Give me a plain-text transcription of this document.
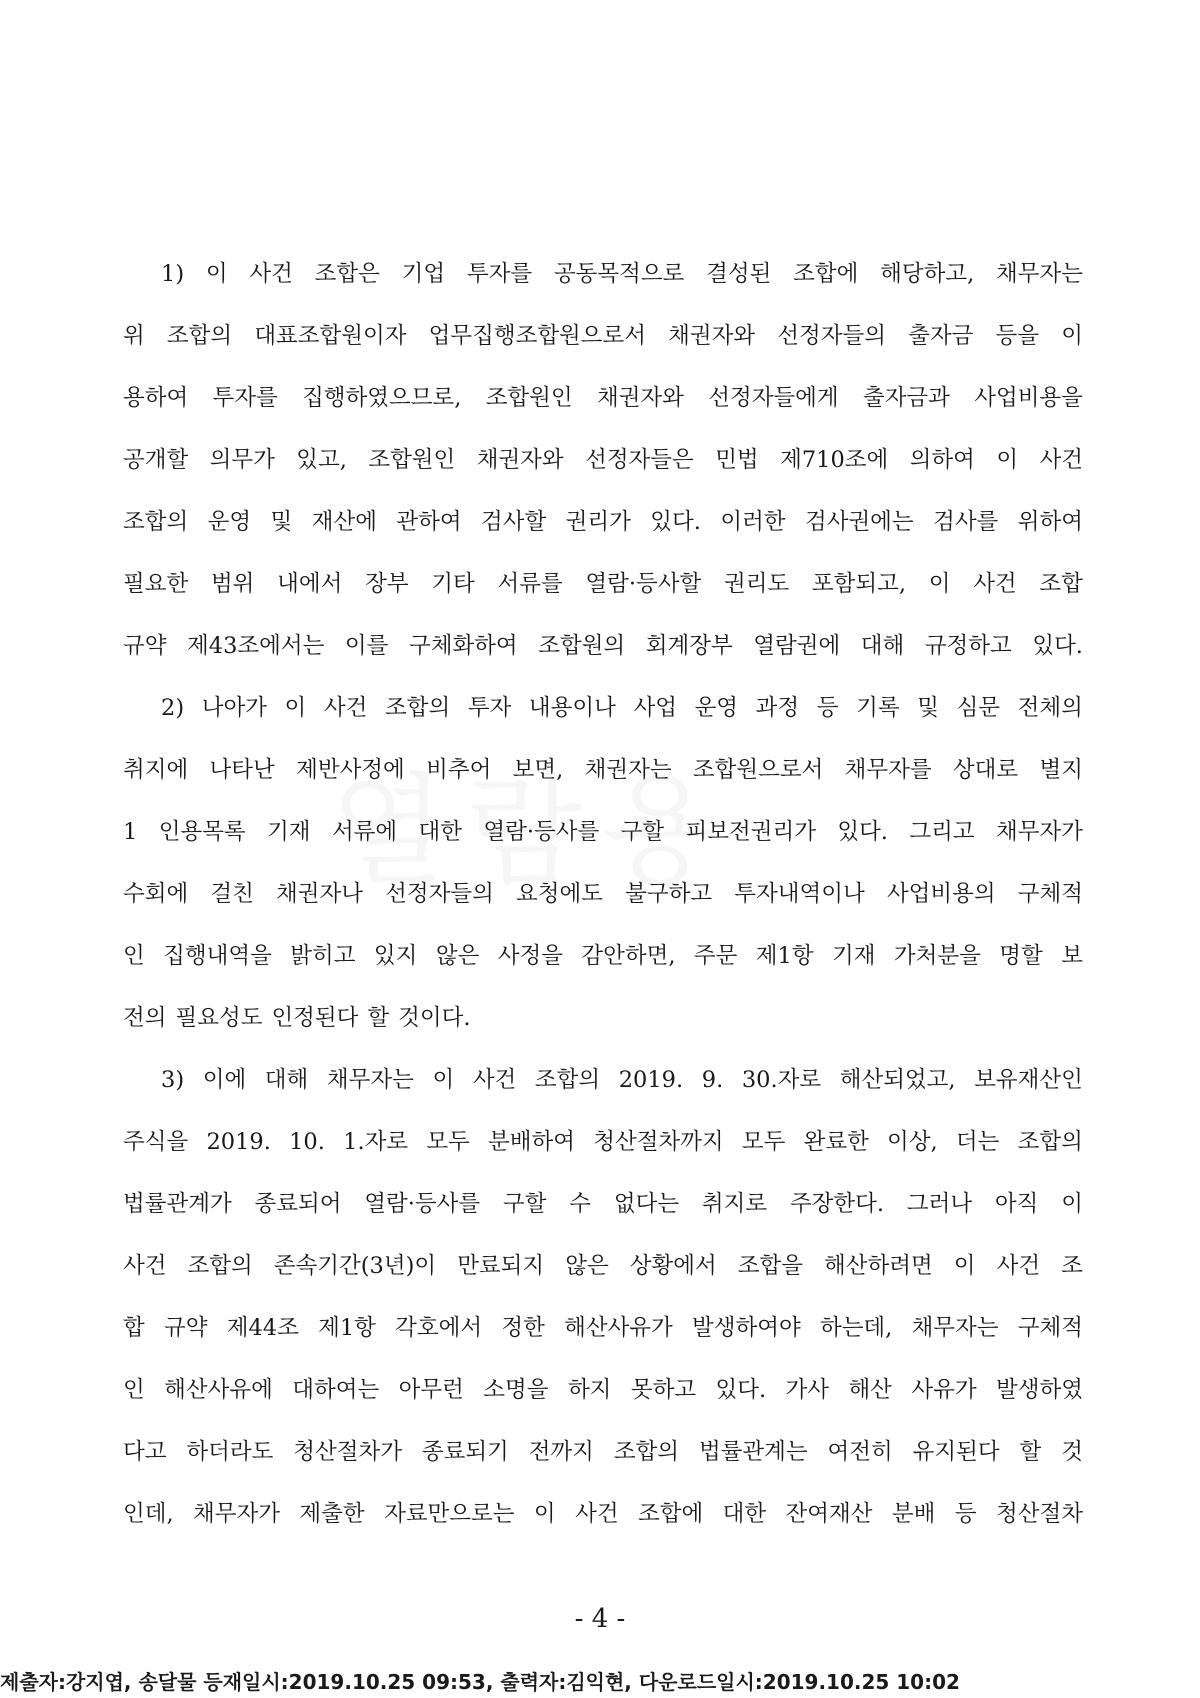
1) 이 사건 조합은 기업 투자를 공동목적으로 결성된 조합에 해당하고, 채무자는
위 조합의 대표조합원이자 업무집행조합원으로서 채권자와 선정자들의 출자금 등을 이
용하여 투자를 집행하였으므로, 조합원인 채권자와 선정자들에게 출자금과 사업비용을
공개할 의무가 있고, 조합원인 채권자와 선정자들은 민법 제710조에 의하여 이 사건
조합의 운영 및 재산에 관하여 검사할 권리가 있다. 이러한 검사권에는 검사를 위하여
필요한 범위 내에서 장부 기타 서류를 열람·등사할 권리도 포함되고, 이 사건 조합
규약 제43조에서는 이를 구체화하여 조합원의 회계장부 열람권에 대해 규정하고 있다.
2) 나아가 이 사건 조합의 투자 내용이나 사업 운영 과정 등 기록 및 심문 전체의
취지에 나타난 제반사정에 비추어 보면, 채권자는 조합원으로서 채무자를 상대로 별지
1 인용목록 기재 서류에 대한 열람·등사를 구할 피보전권리가 있다. 그리고 채무자가
수회에 걸친 채권자나 선정자들의 요청에도 불구하고 투자내역이나 사업비용의 구체적
인 집행내역을 밝히고 있지 않은 사정을 감안하면, 주문 제1항 기재 가처분을 명할 보
전의 필요성도 인정된다 할 것이다.
3) 이에 대해 채무자는 이 사건 조합의 2019. 9. 30.자로 해산되었고, 보유재산인
주식을 2019. 10. 1.자로 모두 분배하여 청산절차까지 모두 완료한 이상, 더는 조합의
법률관계가 종료되어 열람·등사를 구할 수 없다는 취지로 주장한다. 그러나 아직 이
사건 조합의 존속기간(3년)이 만료되지 않은 상황에서 조합을 해산하려면 이 사건 조
합 규약 제44조 제1항 각호에서 정한 해산사유가 발생하여야 하는데, 채무자는 구체적
인 해산사유에 대하여는 아무런 소명을 하지 못하고 있다. 가사 해산 사유가 발생하였
다고 하더라도 청산절차가 종료되기 전까지 조합의 법률관계는 여전히 유지된다 할 것
인데, 채무자가 제출한 자료만으로는 이 사건 조합에 대한 잔여재산 분배 등 청산절차
- 4 -
제출자:강지엽, 송달물 등재일시:2019.10.25 09:53, 출력자:김익현, 다운로드일시:2019.10.25 10:02
